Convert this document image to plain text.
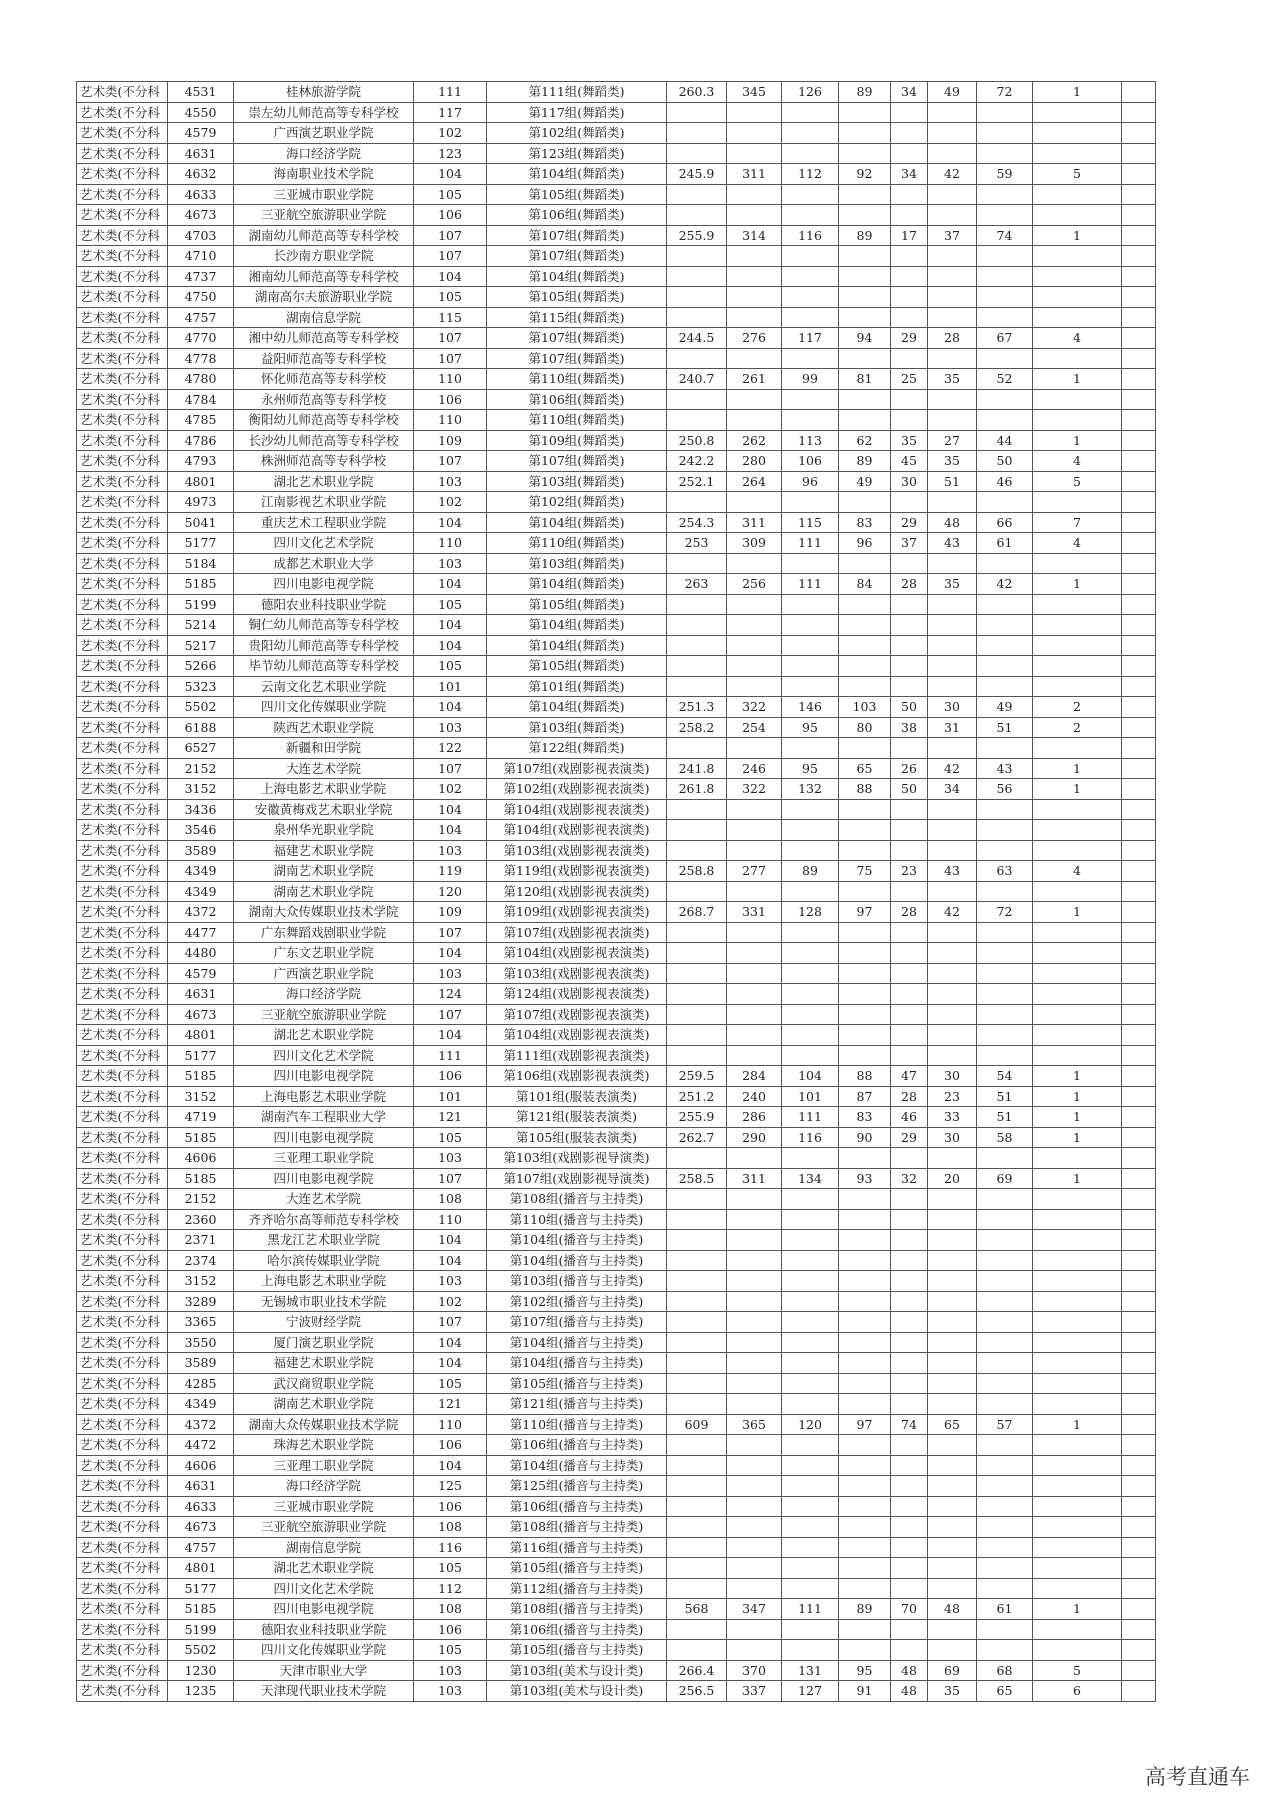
艺术类(不分科	4531	桂林旅游学院	111	第111组(舞蹈类)	260.3	345	126	89	34	49	72	1	
艺术类(不分科	4550	崇左幼儿师范高等专科学校	117	第117组(舞蹈类)									
艺术类(不分科	4579	广西演艺职业学院	102	第102组(舞蹈类)									
艺术类(不分科	4631	海口经济学院	123	第123组(舞蹈类)									
艺术类(不分科	4632	海南职业技术学院	104	第104组(舞蹈类)	245.9	311	112	92	34	42	59	5	
艺术类(不分科	4633	三亚城市职业学院	105	第105组(舞蹈类)									
艺术类(不分科	4673	三亚航空旅游职业学院	106	第106组(舞蹈类)									
艺术类(不分科	4703	湖南幼儿师范高等专科学校	107	第107组(舞蹈类)	255.9	314	116	89	17	37	74	1	
艺术类(不分科	4710	长沙南方职业学院	107	第107组(舞蹈类)									
艺术类(不分科	4737	湘南幼儿师范高等专科学校	104	第104组(舞蹈类)									
艺术类(不分科	4750	湖南高尔夫旅游职业学院	105	第105组(舞蹈类)									
艺术类(不分科	4757	湖南信息学院	115	第115组(舞蹈类)									
艺术类(不分科	4770	湘中幼儿师范高等专科学校	107	第107组(舞蹈类)	244.5	276	117	94	29	28	67	4	
艺术类(不分科	4778	益阳师范高等专科学校	107	第107组(舞蹈类)									
艺术类(不分科	4780	怀化师范高等专科学校	110	第110组(舞蹈类)	240.7	261	99	81	25	35	52	1	
艺术类(不分科	4784	永州师范高等专科学校	106	第106组(舞蹈类)									
艺术类(不分科	4785	衡阳幼儿师范高等专科学校	110	第110组(舞蹈类)									
艺术类(不分科	4786	长沙幼儿师范高等专科学校	109	第109组(舞蹈类)	250.8	262	113	62	35	27	44	1	
艺术类(不分科	4793	株洲师范高等专科学校	107	第107组(舞蹈类)	242.2	280	106	89	45	35	50	4	
艺术类(不分科	4801	湖北艺术职业学院	103	第103组(舞蹈类)	252.1	264	96	49	30	51	46	5	
艺术类(不分科	4973	江南影视艺术职业学院	102	第102组(舞蹈类)									
艺术类(不分科	5041	重庆艺术工程职业学院	104	第104组(舞蹈类)	254.3	311	115	83	29	48	66	7	
艺术类(不分科	5177	四川文化艺术学院	110	第110组(舞蹈类)	253	309	111	96	37	43	61	4	
艺术类(不分科	5184	成都艺术职业大学	103	第103组(舞蹈类)									
艺术类(不分科	5185	四川电影电视学院	104	第104组(舞蹈类)	263	256	111	84	28	35	42	1	
艺术类(不分科	5199	德阳农业科技职业学院	105	第105组(舞蹈类)									
艺术类(不分科	5214	铜仁幼儿师范高等专科学校	104	第104组(舞蹈类)									
艺术类(不分科	5217	贵阳幼儿师范高等专科学校	104	第104组(舞蹈类)									
艺术类(不分科	5266	毕节幼儿师范高等专科学校	105	第105组(舞蹈类)									
艺术类(不分科	5323	云南文化艺术职业学院	101	第101组(舞蹈类)									
艺术类(不分科	5502	四川文化传媒职业学院	104	第104组(舞蹈类)	251.3	322	146	103	50	30	49	2	
艺术类(不分科	6188	陕西艺术职业学院	103	第103组(舞蹈类)	258.2	254	95	80	38	31	51	2	
艺术类(不分科	6527	新疆和田学院	122	第122组(舞蹈类)									
艺术类(不分科	2152	大连艺术学院	107	第107组(戏剧影视表演类)	241.8	246	95	65	26	42	43	1	
艺术类(不分科	3152	上海电影艺术职业学院	102	第102组(戏剧影视表演类)	261.8	322	132	88	50	34	56	1	
艺术类(不分科	3436	安徽黄梅戏艺术职业学院	104	第104组(戏剧影视表演类)									
艺术类(不分科	3546	泉州华光职业学院	104	第104组(戏剧影视表演类)									
艺术类(不分科	3589	福建艺术职业学院	103	第103组(戏剧影视表演类)									
艺术类(不分科	4349	湖南艺术职业学院	119	第119组(戏剧影视表演类)	258.8	277	89	75	23	43	63	4	
艺术类(不分科	4349	湖南艺术职业学院	120	第120组(戏剧影视表演类)									
艺术类(不分科	4372	湖南大众传媒职业技术学院	109	第109组(戏剧影视表演类)	268.7	331	128	97	28	42	72	1	
艺术类(不分科	4477	广东舞蹈戏剧职业学院	107	第107组(戏剧影视表演类)									
艺术类(不分科	4480	广东文艺职业学院	104	第104组(戏剧影视表演类)									
艺术类(不分科	4579	广西演艺职业学院	103	第103组(戏剧影视表演类)									
艺术类(不分科	4631	海口经济学院	124	第124组(戏剧影视表演类)									
艺术类(不分科	4673	三亚航空旅游职业学院	107	第107组(戏剧影视表演类)									
艺术类(不分科	4801	湖北艺术职业学院	104	第104组(戏剧影视表演类)									
艺术类(不分科	5177	四川文化艺术学院	111	第111组(戏剧影视表演类)									
艺术类(不分科	5185	四川电影电视学院	106	第106组(戏剧影视表演类)	259.5	284	104	88	47	30	54	1	
艺术类(不分科	3152	上海电影艺术职业学院	101	第101组(服装表演类)	251.2	240	101	87	28	23	51	1	
艺术类(不分科	4719	湖南汽车工程职业大学	121	第121组(服装表演类)	255.9	286	111	83	46	33	51	1	
艺术类(不分科	5185	四川电影电视学院	105	第105组(服装表演类)	262.7	290	116	90	29	30	58	1	
艺术类(不分科	4606	三亚理工职业学院	103	第103组(戏剧影视导演类)									
艺术类(不分科	5185	四川电影电视学院	107	第107组(戏剧影视导演类)	258.5	311	134	93	32	20	69	1	
艺术类(不分科	2152	大连艺术学院	108	第108组(播音与主持类)									
艺术类(不分科	2360	齐齐哈尔高等师范专科学校	110	第110组(播音与主持类)									
艺术类(不分科	2371	黑龙江艺术职业学院	104	第104组(播音与主持类)									
艺术类(不分科	2374	哈尔滨传媒职业学院	104	第104组(播音与主持类)									
艺术类(不分科	3152	上海电影艺术职业学院	103	第103组(播音与主持类)									
艺术类(不分科	3289	无锡城市职业技术学院	102	第102组(播音与主持类)									
艺术类(不分科	3365	宁波财经学院	107	第107组(播音与主持类)									
艺术类(不分科	3550	厦门演艺职业学院	104	第104组(播音与主持类)									
艺术类(不分科	3589	福建艺术职业学院	104	第104组(播音与主持类)									
艺术类(不分科	4285	武汉商贸职业学院	105	第105组(播音与主持类)									
艺术类(不分科	4349	湖南艺术职业学院	121	第121组(播音与主持类)									
艺术类(不分科	4372	湖南大众传媒职业技术学院	110	第110组(播音与主持类)	609	365	120	97	74	65	57	1	
艺术类(不分科	4472	珠海艺术职业学院	106	第106组(播音与主持类)									
艺术类(不分科	4606	三亚理工职业学院	104	第104组(播音与主持类)									
艺术类(不分科	4631	海口经济学院	125	第125组(播音与主持类)									
艺术类(不分科	4633	三亚城市职业学院	106	第106组(播音与主持类)									
艺术类(不分科	4673	三亚航空旅游职业学院	108	第108组(播音与主持类)									
艺术类(不分科	4757	湖南信息学院	116	第116组(播音与主持类)									
艺术类(不分科	4801	湖北艺术职业学院	105	第105组(播音与主持类)									
艺术类(不分科	5177	四川文化艺术学院	112	第112组(播音与主持类)									
艺术类(不分科	5185	四川电影电视学院	108	第108组(播音与主持类)	568	347	111	89	70	48	61	1	
艺术类(不分科	5199	德阳农业科技职业学院	106	第106组(播音与主持类)									
艺术类(不分科	5502	四川文化传媒职业学院	105	第105组(播音与主持类)									
艺术类(不分科	1230	天津市职业大学	103	第103组(美术与设计类)	266.4	370	131	95	48	69	68	5	
艺术类(不分科	1235	天津现代职业技术学院	103	第103组(美术与设计类)	256.5	337	127	91	48	35	65	6	
高考直通车
